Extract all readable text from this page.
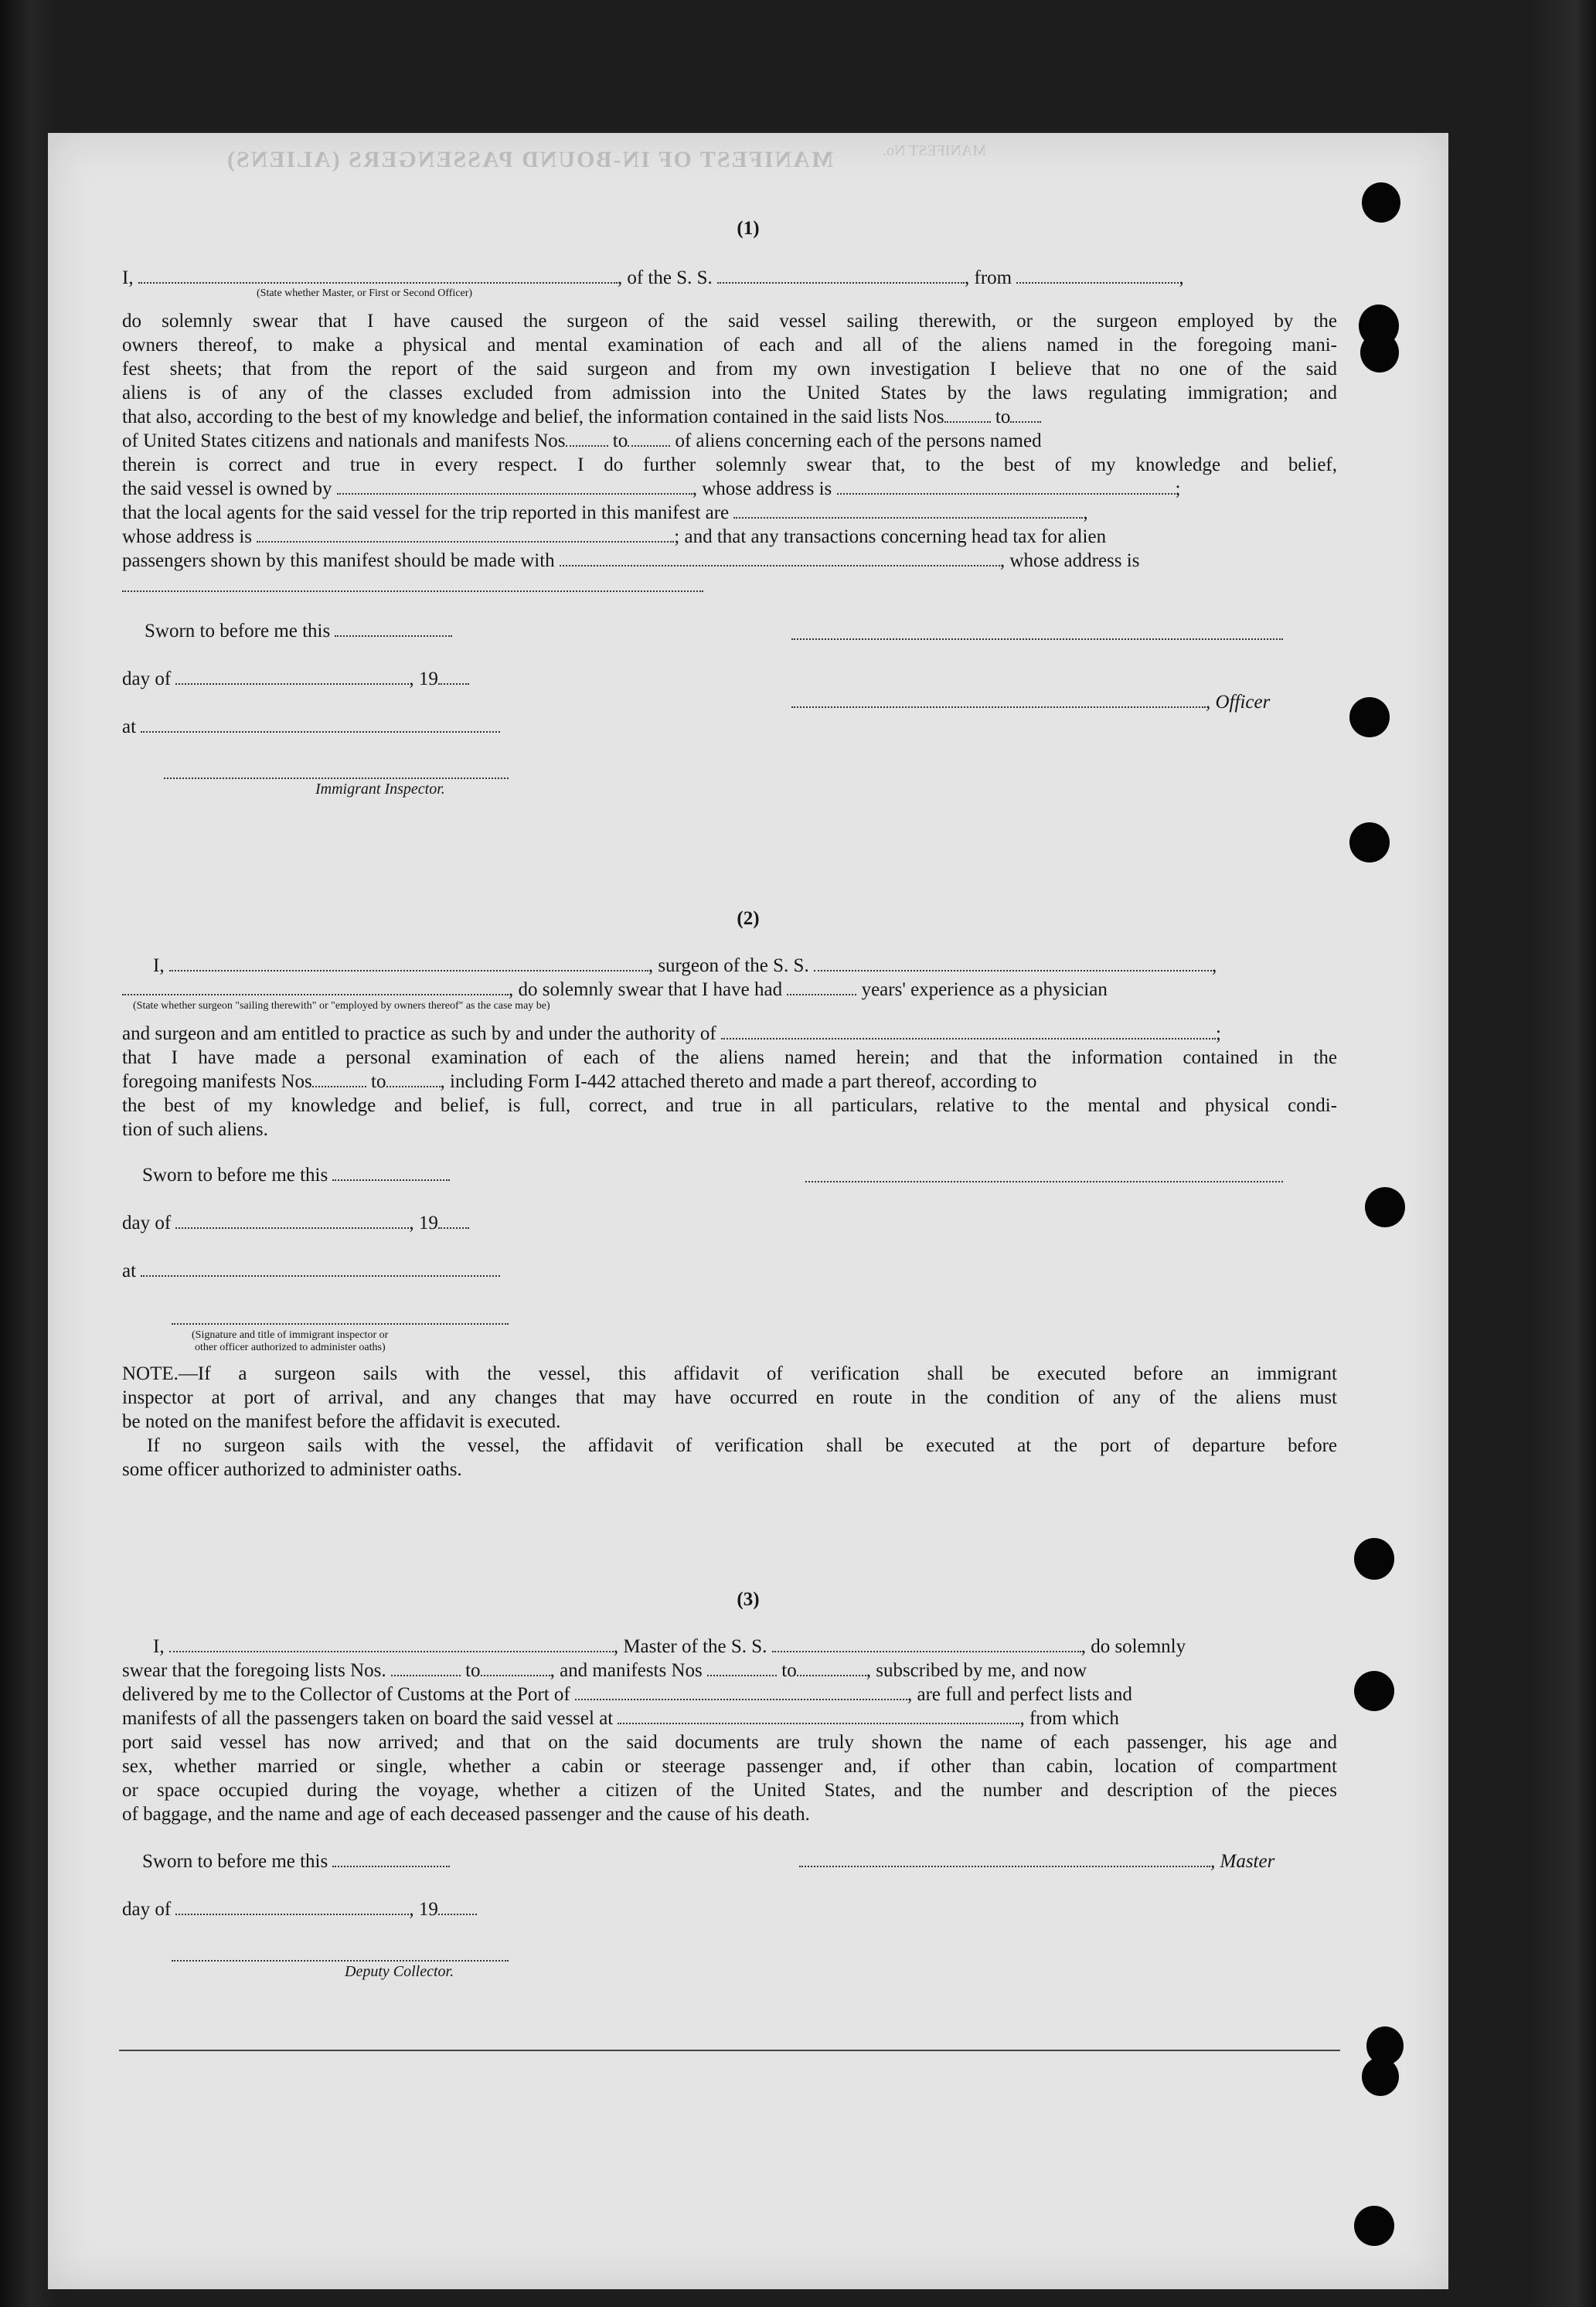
MANIFEST OF IN-BOUND PASSENGERS (ALIENS)	MANIFEST No.
(1)
I,	, of the S. S.	, from	,
(State whether Master, or First or Second Officer)
do solemnly swear that I have caused the surgeon of the said vessel sailing therewith, or the surgeon employed by the
owners thereof, to make a physical and mental examination of each and all of the aliens named in the foregoing mani-
fest sheets; that from the report of the said surgeon and from my own investigation I believe that no one of the said
aliens is of any of the classes excluded from admission into the United States by the laws regulating immigration; and
that also, according to the best of my knowledge and belief, the information contained in the said lists Nos	to
of United States citizens and nationals and manifests Nos to of aliens concerning each of the persons named
therein is correct and true in every respect. I do further solemnly swear that, to the best of my knowledge and belief,
the said vessel is owned by	, whose address is	;
that the local agents for the said vessel for the trip reported in this manifest are	,
whose address is	; and that any transactions concerning head tax for alien
passengers shown by this manifest should be made with	, whose address is
Sworn to before me this
day of	, 19
at
Immigrant Inspector.
, Officer
(2)
I,	, surgeon of the S. S.	,
, do solemnly swear that I have had	years' experience as a physician
(State whether surgeon "sailing therewith" or "employed by owners thereof" as the case may be)
and surgeon and am entitled to practice as such by and under the authority of	;
that I have made a personal examination of each of the aliens named herein; and that the information contained in the
foregoing manifests Nos	to	, including Form I-442 attached thereto and made a part thereof, according to
the best of my knowledge and belief, is full, correct, and true in all particulars, relative to the mental and physical condi-
tion of such aliens.
Sworn to before me this
day of	, 19
at
(Signature and title of immigrant inspector or
other officer authorized to administer oaths)
NOTE.—If a surgeon sails with the vessel, this affidavit of verification shall be executed before an immigrant
inspector at port of arrival, and any changes that may have occurred en route in the condition of any of the aliens must
be noted on the manifest before the affidavit is executed.
If no surgeon sails with the vessel, the affidavit of verification shall be executed at the port of departure before
some officer authorized to administer oaths.
(3)
I,	, Master of the S. S.	, do solemnly
swear that the foregoing lists Nos.	to	, and manifests Nos	to	, subscribed by me, and now
delivered by me to the Collector of Customs at the Port of	, are full and perfect lists and
manifests of all the passengers taken on board the said vessel at	, from which
port said vessel has now arrived; and that on the said documents are truly shown the name of each passenger, his age and
sex, whether married or single, whether a cabin or steerage passenger and, if other than cabin, location of compartment
or space occupied during the voyage, whether a citizen of the United States, and the number and description of the pieces
of baggage, and the name and age of each deceased passenger and the cause of his death.
Sworn to before me this	, Master
day of	, 19
Deputy Collector.
